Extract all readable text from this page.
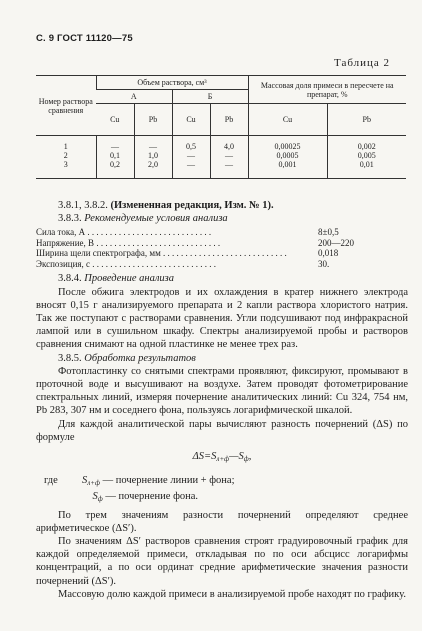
С. 9 ГОСТ 11120—75
Таблица 2
Номер раствора сравнения	Объем раствора, см³				Массовая доля примеси в пересчете на препарат, %	
	А		Б			
	Cu	Pb	Cu	Pb	Cu	Pb
1	—	—	0,5	4,0	0,00025	0,002
2	0,1	1,0	—	—	0,0005	0,005
3	0,2	2,0	—	—	0,001	0,01

3.8.1, 3.8.2. (Измененная редакция, Изм. № 1).

3.8.3. Рекомендуемые условия анализа

Сила тока, А . . .	8±0,5
Напряжение, В . . .	200—220
Ширина щели спектрографа, мм . . .	0,018
Экспозиция, с . . .	30.

3.8.4. Проведение анализа

После обжига электродов и их охлаждения в кратер нижнего электрода вносят 0,15 г анализируемого препарата и 2 капли раствора хлористого натрия. Так же поступают с растворами сравнения. Угли подсушивают под инфракрасной лампой или в сушильном шкафу. Спектры анализируемой пробы и растворов сравнения снимают на одной пластинке не менее трех раз.

3.8.5. Обработка результатов

Фотопластинку со снятыми спектрами проявляют, фиксируют, промывают в проточной воде и высушивают на воздухе. Затем проводят фотометрирование спектральных линий, измеряя почернение аналитических линий: Cu 324, 754 нм, Pb 283, 307 нм и соседнего фона, пользуясь логарифмической шкалой.

Для каждой аналитической пары вычисляют разность почернений (ΔS) по формуле

$\Delta S=S_{л+ф}—S_ф$,
где	$S_{л+ф}$ — почернение линии + фона;
$S_ф$ — почернение фона.

По трем значениям разности почернений определяют среднее арифметическое (ΔS′).

По значениям ΔS′ растворов сравнения строят градуировочный график для каждой определяемой примеси, откладывая по по оси абсцисс логарифмы концентраций, а по оси ординат средние арифметические значения разности почернений (ΔS′).

Массовую долю каждой примеси в анализируемой пробе находят по графику.
